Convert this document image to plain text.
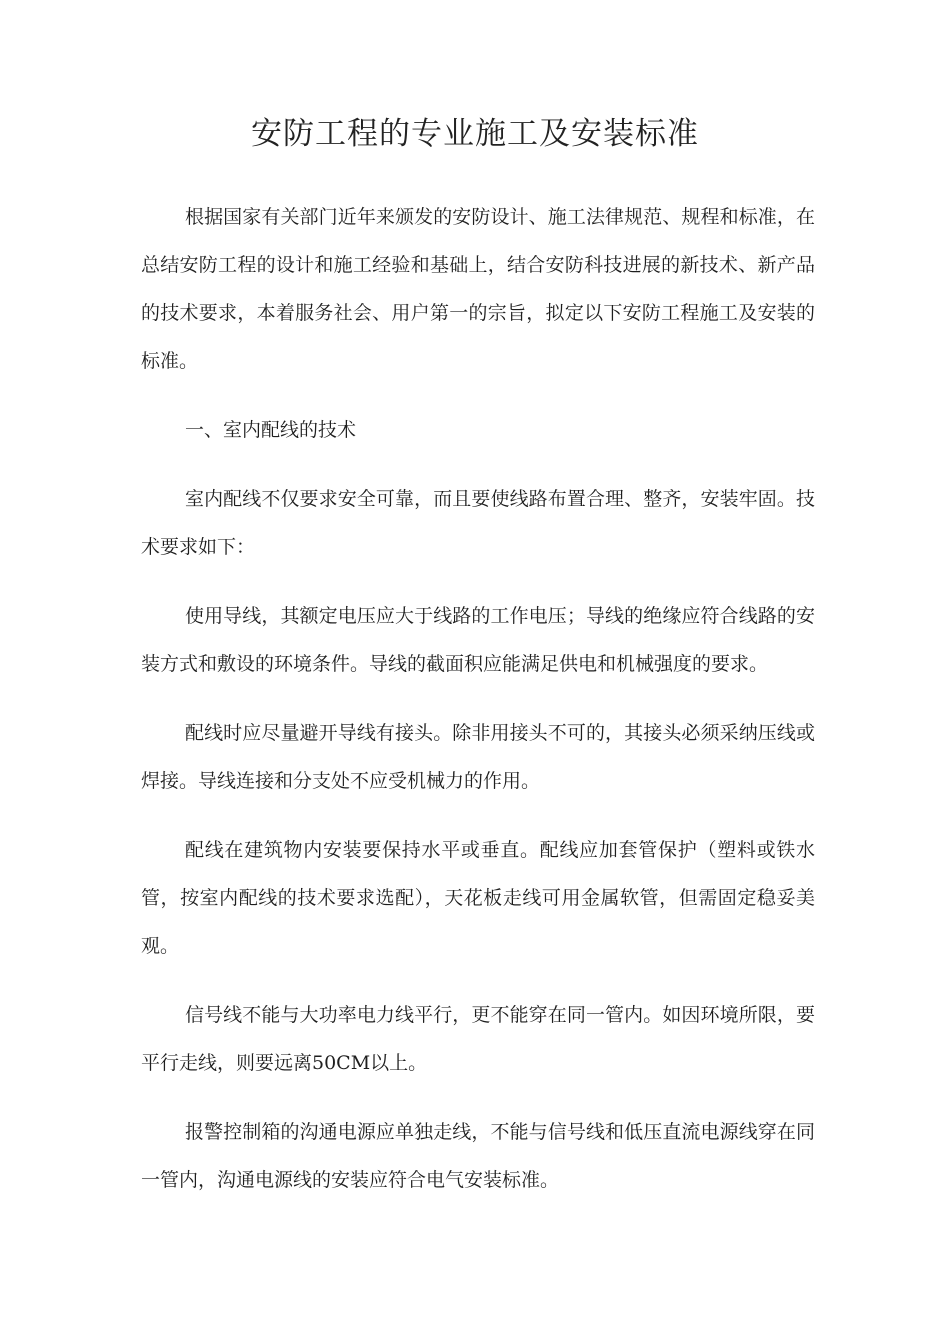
安防工程的专业施工及安装标准

根据国家有关部门近年来颁发的安防设计、施工法律规范、规程和标准，在总结安防工程的设计和施工经验和基础上，结合安防科技进展的新技术、新产品的技术要求，本着服务社会、用户第一的宗旨，拟定以下安防工程施工及安装的标准。

一、室内配线的技术

室内配线不仅要求安全可靠，而且要使线路布置合理、整齐，安装牢固。技术要求如下：

使用导线，其额定电压应大于线路的工作电压；导线的绝缘应符合线路的安装方式和敷设的环境条件。导线的截面积应能满足供电和机械强度的要求。

配线时应尽量避开导线有接头。除非用接头不可的，其接头必须采纳压线或焊接。导线连接和分支处不应受机械力的作用。

配线在建筑物内安装要保持水平或垂直。配线应加套管保护（塑料或铁水管，按室内配线的技术要求选配），天花板走线可用金属软管，但需固定稳妥美观。

信号线不能与大功率电力线平行，更不能穿在同一管内。如因环境所限，要平行走线，则要远离50CM以上。

报警控制箱的沟通电源应单独走线，不能与信号线和低压直流电源线穿在同一管内，沟通电源线的安装应符合电气安装标准。
